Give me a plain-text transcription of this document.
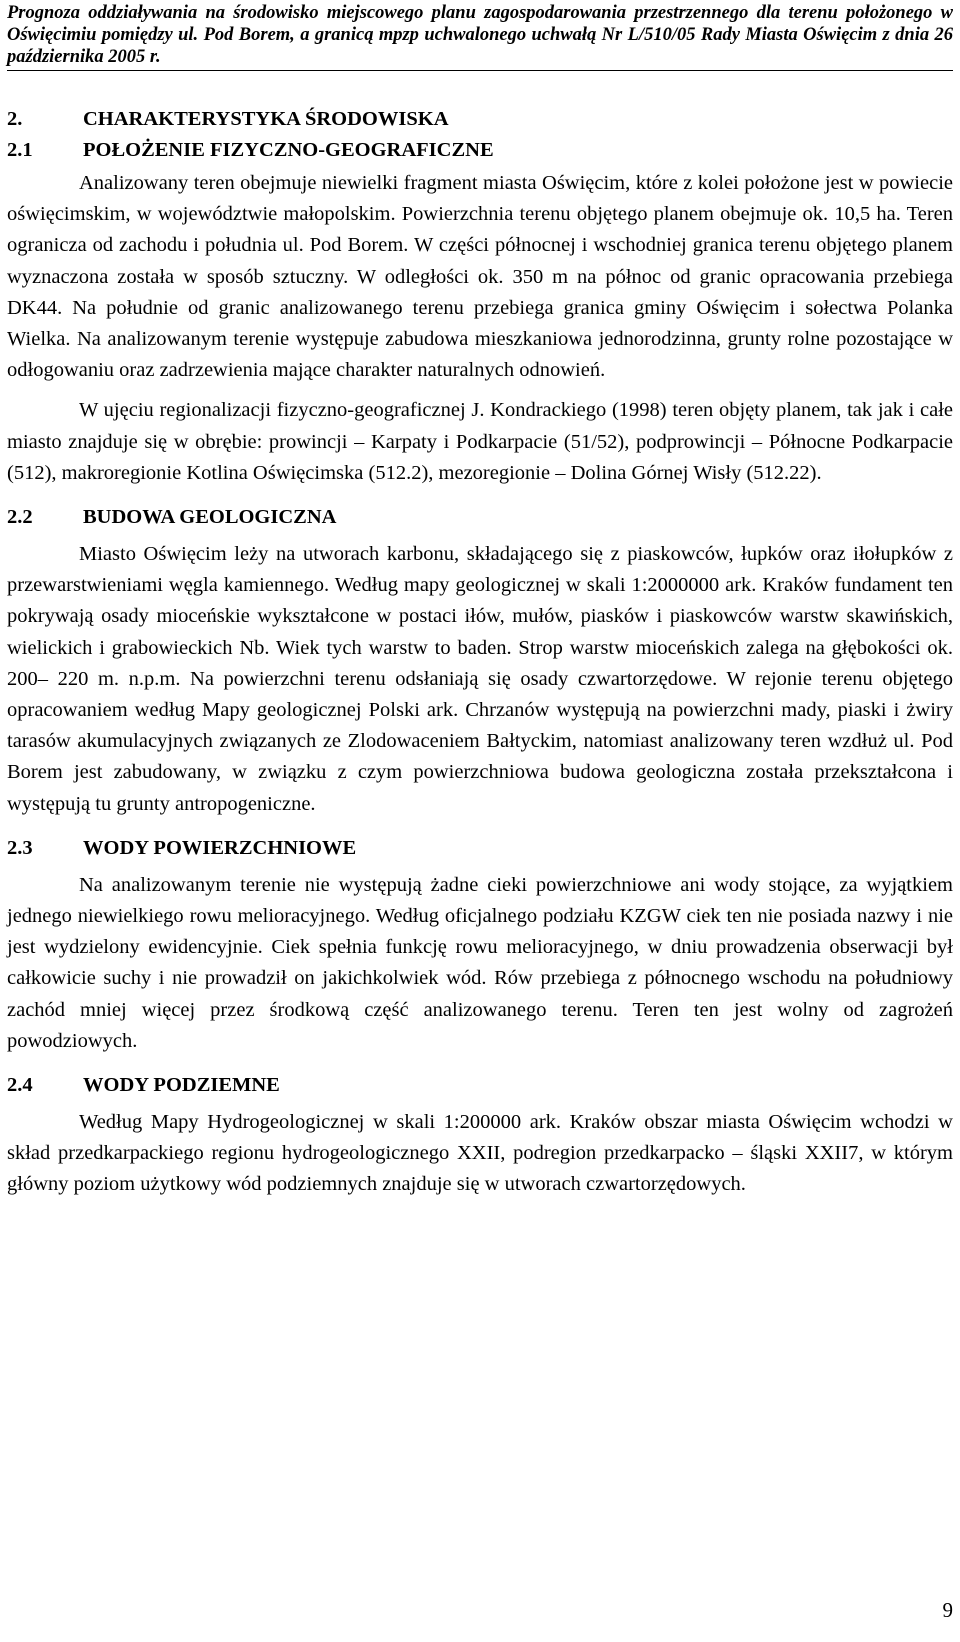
Prognoza oddziaływania na środowisko miejscowego planu zagospodarowania przestrzennego dla terenu położonego w Oświęcimiu pomiędzy ul. Pod Borem, a granicą mpzp uchwalonego uchwałą Nr L/510/05 Rady Miasta Oświęcim z dnia 26 października 2005 r.
2.	CHARAKTERYSTYKA ŚRODOWISKA
2.1	POŁOŻENIE FIZYCZNO-GEOGRAFICZNE

Analizowany teren obejmuje niewielki fragment miasta Oświęcim, które z kolei położone jest w powiecie oświęcimskim, w województwie małopolskim. Powierzchnia terenu objętego planem obejmuje ok. 10,5 ha. Teren ogranicza od zachodu i południa ul. Pod Borem. W części północnej i wschodniej granica terenu objętego planem wyznaczona została w sposób sztuczny. W odległości ok. 350 m na północ od granic opracowania przebiega DK44. Na południe od granic analizowanego terenu przebiega granica gminy Oświęcim i sołectwa Polanka Wielka. Na analizowanym terenie występuje zabudowa mieszkaniowa jednorodzinna, grunty rolne pozostające w odłogowaniu oraz zadrzewienia mające charakter naturalnych odnowień.

W ujęciu regionalizacji fizyczno-geograficznej J. Kondrackiego (1998) teren objęty planem, tak jak i całe miasto znajduje się w obrębie: prowincji – Karpaty i Podkarpacie (51/52), podprowincji – Północne Podkarpacie (512), makroregionie Kotlina Oświęcimska (512.2), mezoregionie – Dolina Górnej Wisły (512.22).

2.2	BUDOWA GEOLOGICZNA

Miasto Oświęcim leży na utworach karbonu, składającego się z piaskowców, łupków oraz iłołupków z przewarstwieniami węgla kamiennego. Według mapy geologicznej w skali 1:2000000 ark. Kraków fundament ten pokrywają osady mioceńskie wykształcone w postaci iłów, mułów, piasków i piaskowców warstw skawińskich, wielickich i grabowieckich Nb. Wiek tych warstw to baden. Strop warstw mioceńskich zalega na głębokości ok. 200– 220 m. n.p.m. Na powierzchni terenu odsłaniają się osady czwartorzędowe. W rejonie terenu objętego opracowaniem według Mapy geologicznej Polski ark. Chrzanów występują na powierzchni mady, piaski i żwiry tarasów akumulacyjnych związanych ze Zlodowaceniem Bałtyckim, natomiast analizowany teren wzdłuż ul. Pod Borem jest zabudowany, w związku z czym powierzchniowa budowa geologiczna została przekształcona i występują tu grunty antropogeniczne.

2.3	WODY POWIERZCHNIOWE

Na analizowanym terenie nie występują żadne cieki powierzchniowe ani wody stojące, za wyjątkiem jednego niewielkiego rowu melioracyjnego. Według oficjalnego podziału KZGW ciek ten nie posiada nazwy i nie jest wydzielony ewidencyjnie. Ciek spełnia funkcję rowu melioracyjnego, w dniu prowadzenia obserwacji był całkowicie suchy i nie prowadził on jakichkolwiek wód. Rów przebiega z północnego wschodu na południowy zachód mniej więcej przez środkową część analizowanego terenu. Teren ten jest wolny od zagrożeń powodziowych.

2.4	WODY PODZIEMNE

Według Mapy Hydrogeologicznej w skali 1:200000 ark. Kraków obszar miasta Oświęcim wchodzi w skład przedkarpackiego regionu hydrogeologicznego XXII, podregion przedkarpacko – śląski XXII7, w którym główny poziom użytkowy wód podziemnych znajduje się w utworach czwartorzędowych.

9
